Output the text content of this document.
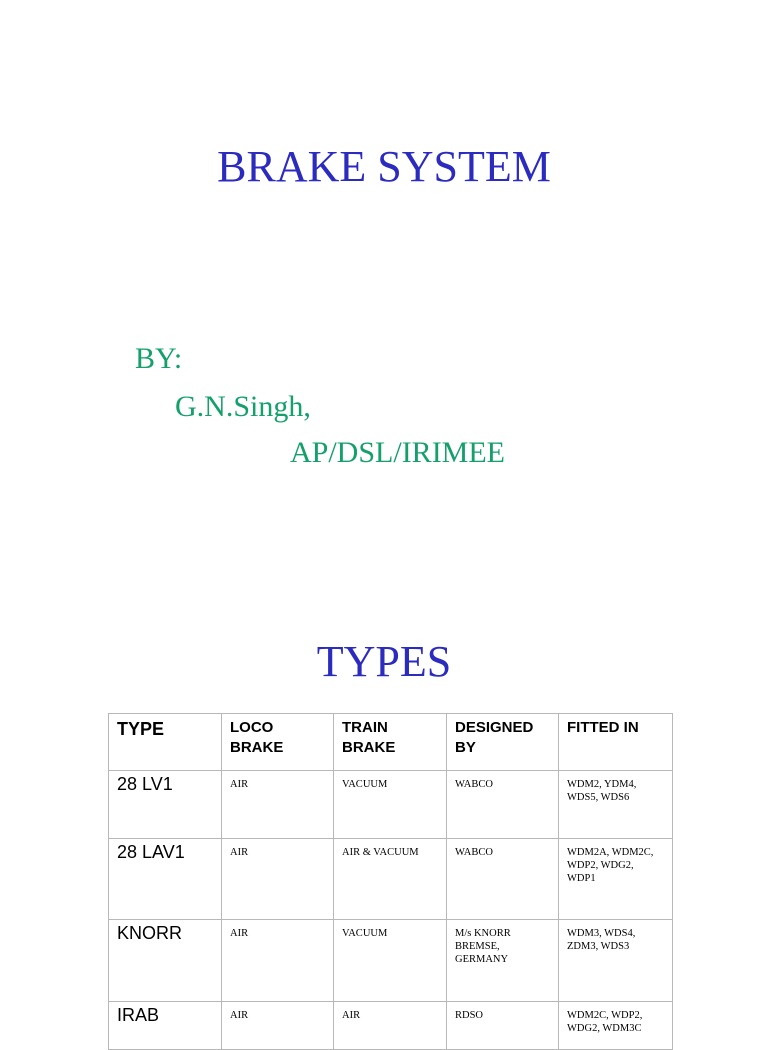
BRAKE SYSTEM

BY:

G.N.Singh,

AP/DSL/IRIMEE

TYPES
TYPE	LOCO BRAKE	TRAIN BRAKE	DESIGNED BY	FITTED IN
28 LV1	AIR	VACUUM	WABCO	WDM2, YDM4, WDS5, WDS6
28 LAV1	AIR	AIR & VACUUM	WABCO	WDM2A, WDM2C, WDP2, WDG2, WDP1
KNORR	AIR	VACUUM	M/s KNORR BREMSE, GERMANY	WDM3, WDS4, ZDM3, WDS3
IRAB	AIR	AIR	RDSO	WDM2C, WDP2, WDG2, WDM3C
